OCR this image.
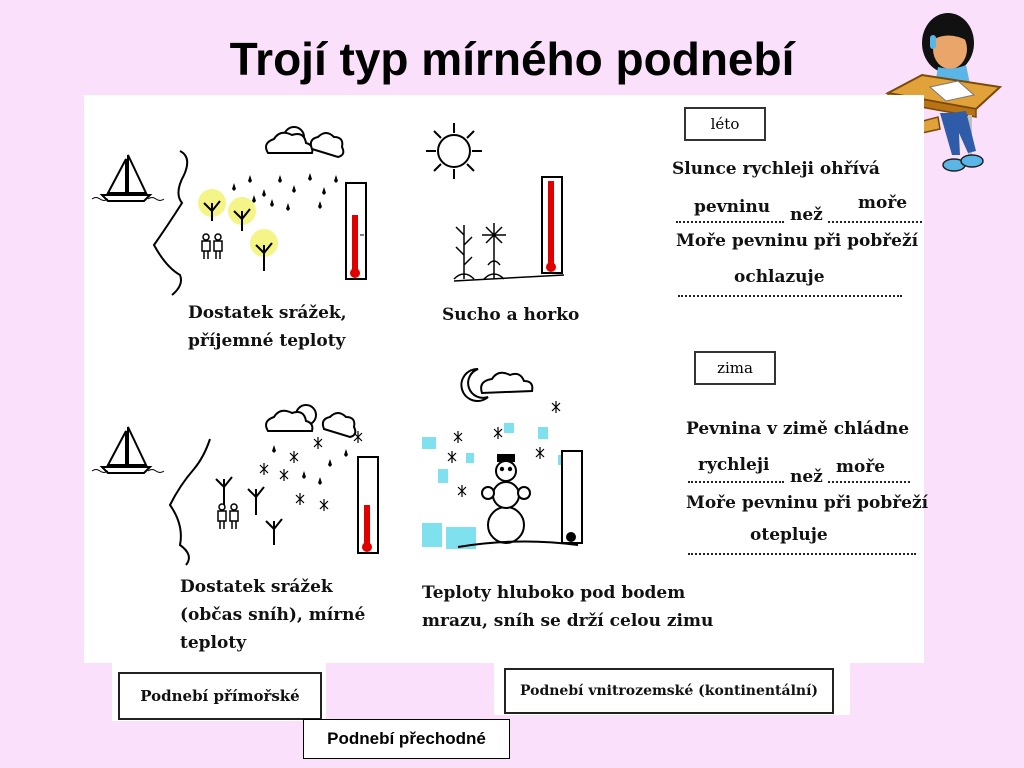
Trojí typ mírného podnebí
Dostatek srážek,
příjemné teploty
Sucho a horko
Dostatek srážek
(občas sníh), mírné
teploty
Teploty hluboko pod bodem
mrazu, sníh se drží celou zimu
léto
Slunce rychleji ohřívá
pevninu	moře
než
Moře pevninu při pobřeží
ochlazuje
zima
Pevnina v zimě chládne
rychleji	moře
než
Moře pevninu při pobřeží
otepluje
Podnebí přímořské	Podnebí vnitrozemské (kontinentální)
Podnebí přechodné
